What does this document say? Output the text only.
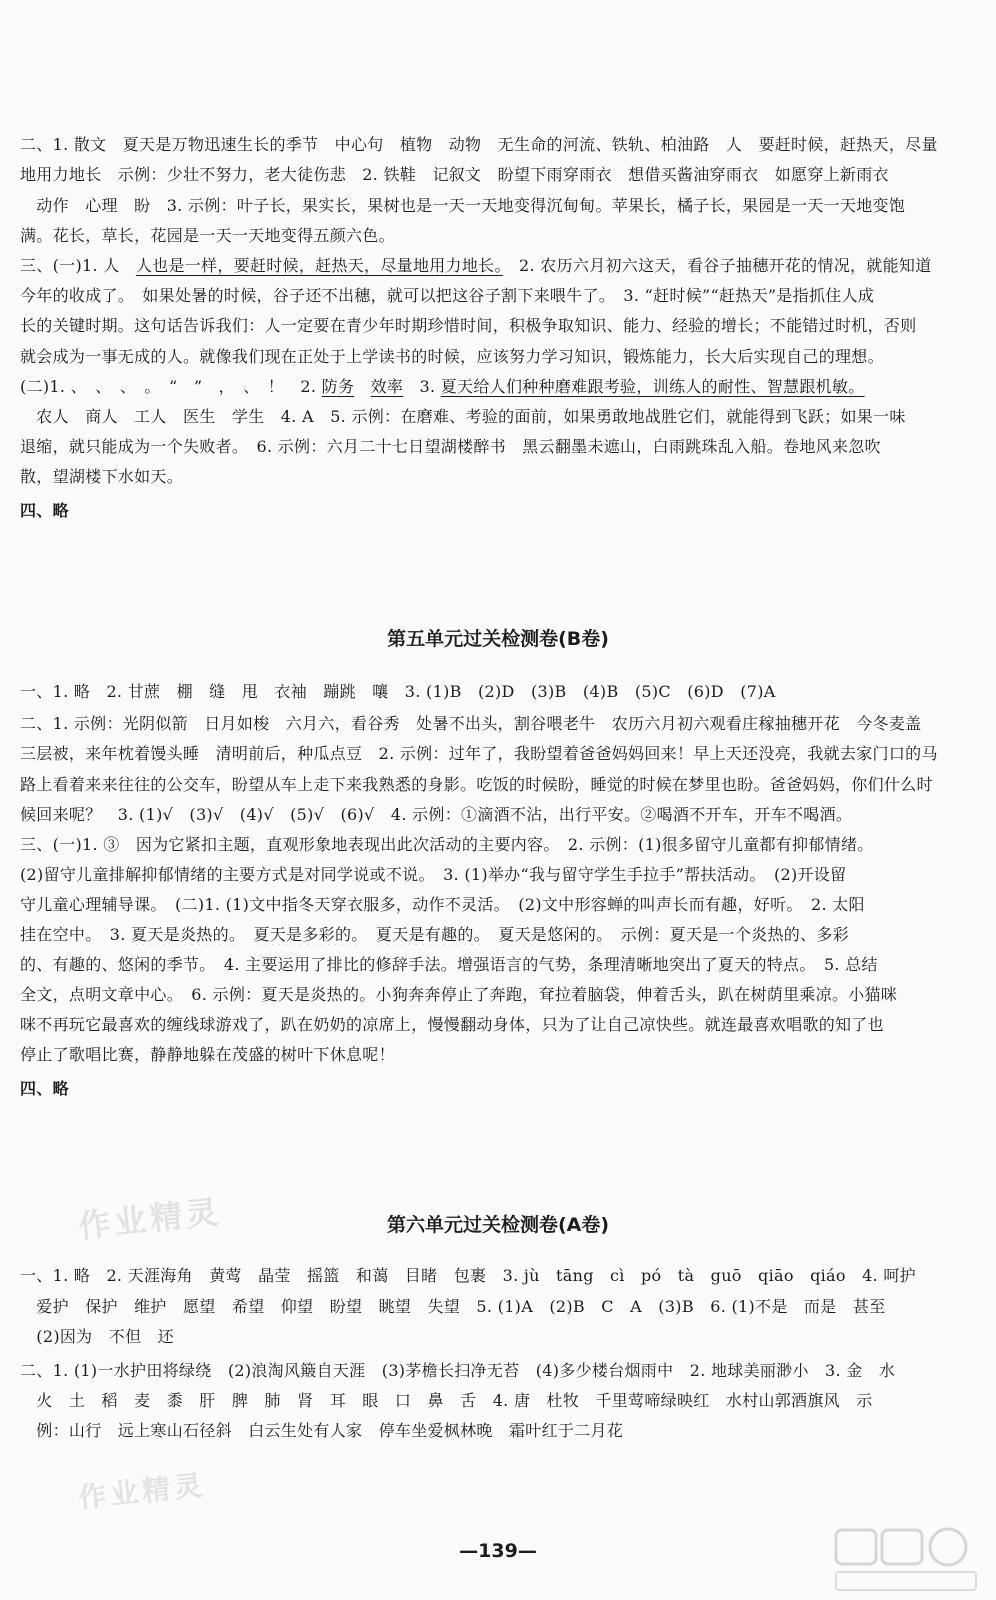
二、1. 散文　夏天是万物迅速生长的季节　中心句　植物　动物　无生命的河流、铁轨、柏油路　人　要赶时候，赶热天，尽量
地用力地长　示例：少壮不努力，老大徒伤悲　2. 铁鞋　记叙文　盼望下雨穿雨衣　想借买酱油穿雨衣　如愿穿上新雨衣
　动作　心理　盼　3. 示例：叶子长，果实长，果树也是一天一天地变得沉甸甸。苹果长，橘子长，果园是一天一天地变饱
满。花长，草长，花园是一天一天地变得五颜六色。
三、(一)1. 人　人也是一样，要赶时候，赶热天，尽量地用力地长。　2. 农历六月初六这天，看谷子抽穗开花的情况，就能知道
今年的收成了。　如果处暑的时候，谷子还不出穗，就可以把这谷子割下来喂牛了。　3. “赶时候”“赶热天”是指抓住人成
长的关键时期。这句话告诉我们：人一定要在青少年时期珍惜时间，积极争取知识、能力、经验的增长；不能错过时机，否则
就会成为一事无成的人。就像我们现在正处于上学读书的时候，应该努力学习知识，锻炼能力，长大后实现自己的理想。
(二)1. 、　、　、　。　“　”　，　、　！　2. 防务　 效率　3. 夏天给人们种种磨难跟考验，训练人的耐性、智慧跟机敏。
　农人　商人　工人　医生　学生　4. A　5. 示例：在磨难、考验的面前，如果勇敢地战胜它们，就能得到飞跃；如果一味
退缩，就只能成为一个失败者。　6. 示例：六月二十七日望湖楼醉书　黑云翻墨未遮山，白雨跳珠乱入船。卷地风来忽吹
散，望湖楼下水如天。
四、略
第五单元过关检测卷(B卷)
一、1. 略　2. 甘蔗　棚　缝　甩　衣袖　蹦跳　嚷　3. (1)B　(2)D　(3)B　(4)B　(5)C　(6)D　(7)A
二、1. 示例：光阴似箭　日月如梭　六月六，看谷秀　处暑不出头，割谷喂老牛　农历六月初六观看庄稼抽穗开花　今冬麦盖
三层被，来年枕着馒头睡　清明前后，种瓜点豆　2. 示例：过年了，我盼望着爸爸妈妈回来！早上天还没亮，我就去家门口的马
路上看着来来往往的公交车，盼望从车上走下来我熟悉的身影。吃饭的时候盼，睡觉的时候在梦里也盼。爸爸妈妈，你们什么时
候回来呢？　3. (1)√　(3)√　(4)√　(5)√　(6)√　4. 示例：①滴酒不沾，出行平安。②喝酒不开车，开车不喝酒。
三、(一)1. ③　因为它紧扣主题，直观形象地表现出此次活动的主要内容。　2. 示例：(1)很多留守儿童都有抑郁情绪。
(2)留守儿童排解抑郁情绪的主要方式是对同学说或不说。　3. (1)举办“我与留守学生手拉手”帮扶活动。　(2)开设留
守儿童心理辅导课。　(二)1. (1)文中指冬天穿衣服多，动作不灵活。　(2)文中形容蝉的叫声长而有趣，好听。　2. 太阳
挂在空中。　3. 夏天是炎热的。　 夏天是多彩的。　 夏天是有趣的。　 夏天是悠闲的。　示例：夏天是一个炎热的、多彩
的、有趣的、悠闲的季节。　4. 主要运用了排比的修辞手法。增强语言的气势，条理清晰地突出了夏天的特点。　5. 总结
全文，点明文章中心。　6. 示例：夏天是炎热的。小狗奔奔停止了奔跑，耷拉着脑袋，伸着舌头，趴在树荫里乘凉。小猫咪
咪不再玩它最喜欢的缠线球游戏了，趴在奶奶的凉席上，慢慢翻动身体，只为了让自己凉快些。就连最喜欢唱歌的知了也
停止了歌唱比赛，静静地躲在茂盛的树叶下休息呢！
四、略
作业精灵	第六单元过关检测卷(A卷)
一、1. 略　2. 天涯海角　黄莺　晶莹　摇篮　和蔼　目睹　包裹　3. jù　tāng　cì　pó　tà　guō　qiāo　qiáo　4. 呵护
　爱护　保护　维护　愿望　希望　仰望　盼望　眺望　失望　5. (1)A　(2)B　C　A　(3)B　6. (1)不是　而是　甚至
　(2)因为　不但　还
二、1. (1)一水护田将绿绕　(2)浪淘风簸自天涯　(3)茅檐长扫净无苔　(4)多少楼台烟雨中　2. 地球美丽渺小　3. 金　水
　火　土　稻　麦　黍　肝　脾　肺　肾　耳　眼　口　鼻　舌　4. 唐　杜牧　千里莺啼绿映红　水村山郭酒旗风　示
　例：山行　远上寒山石径斜　白云生处有人家　停车坐爱枫林晚　霜叶红于二月花
作业精灵
—139—
